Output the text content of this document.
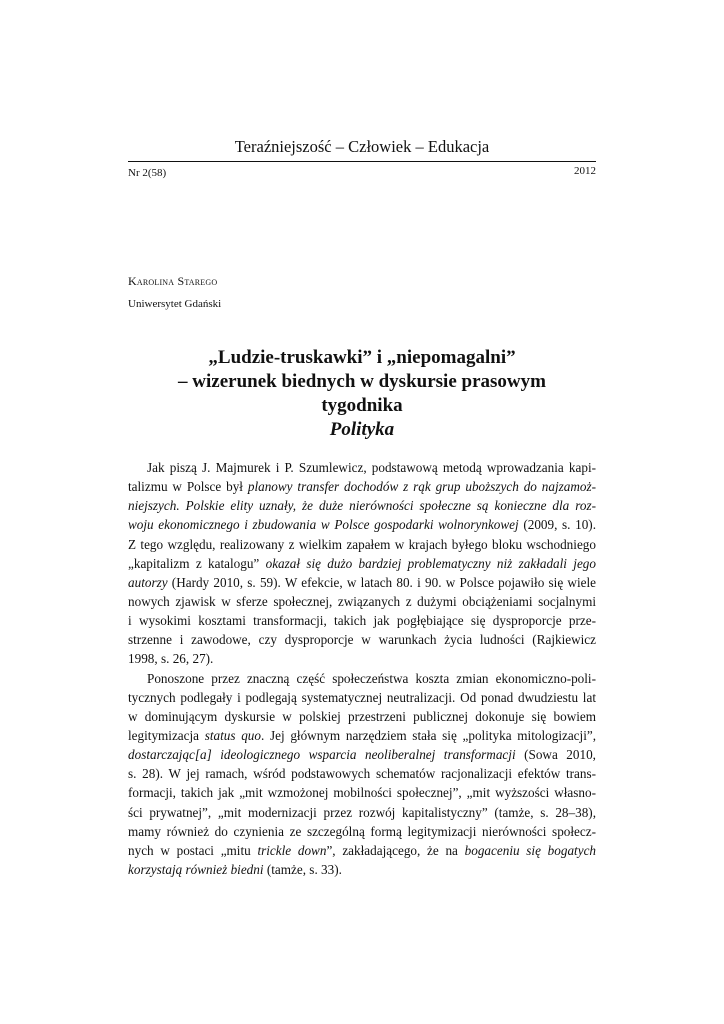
Teraźniejszość – Człowiek – Edukacja
Nr 2(58)	2012
Karolina Starego
Uniwersytet Gdański
„Ludzie-truskawki” i „niepomagalni”
– wizerunek biednych w dyskursie prasowym
tygodnika
Polityka
Jak piszą J. Majmurek i P. Szumlewicz, podstawową metodą wprowadzania kapi-
talizmu w Polsce był planowy transfer dochodów z rąk grup uboższych do najzamoż-
niejszych. Polskie elity uznały, że duże nierówności społeczne są konieczne dla roz-
woju ekonomicznego i zbudowania w Polsce gospodarki wolnorynkowej (2009, s. 10).
Z tego względu, realizowany z wielkim zapałem w krajach byłego bloku wschodniego
„kapitalizm z katalogu” okazał się dużo bardziej problematyczny niż zakładali jego
autorzy (Hardy 2010, s. 59). W efekcie, w latach 80. i 90. w Polsce pojawiło się wiele
nowych zjawisk w sferze społecznej, związanych z dużymi obciążeniami socjalnymi
i wysokimi kosztami transformacji, takich jak pogłębiające się dysproporcje prze-
strzenne i zawodowe, czy dysproporcje w warunkach życia ludności (Rajkiewicz
1998, s. 26, 27).
Ponoszone przez znaczną część społeczeństwa koszta zmian ekonomiczno-poli-
tycznych podlegały i podlegają systematycznej neutralizacji. Od ponad dwudziestu lat
w dominującym dyskursie w polskiej przestrzeni publicznej dokonuje się bowiem
legitymizacja status quo. Jej głównym narzędziem stała się „polityka mitologizacji”,
dostarczając[a] ideologicznego wsparcia neoliberalnej transformacji (Sowa 2010,
s. 28). W jej ramach, wśród podstawowych schematów racjonalizacji efektów trans-
formacji, takich jak „mit wzmożonej mobilności społecznej”, „mit wyższości własno-
ści prywatnej”, „mit modernizacji przez rozwój kapitalistyczny” (tamże, s. 28–38),
mamy również do czynienia ze szczególną formą legitymizacji nierówności społecz-
nych w postaci „mitu trickle down”, zakładającego, że na bogaceniu się bogatych
korzystają również biedni (tamże, s. 33).
